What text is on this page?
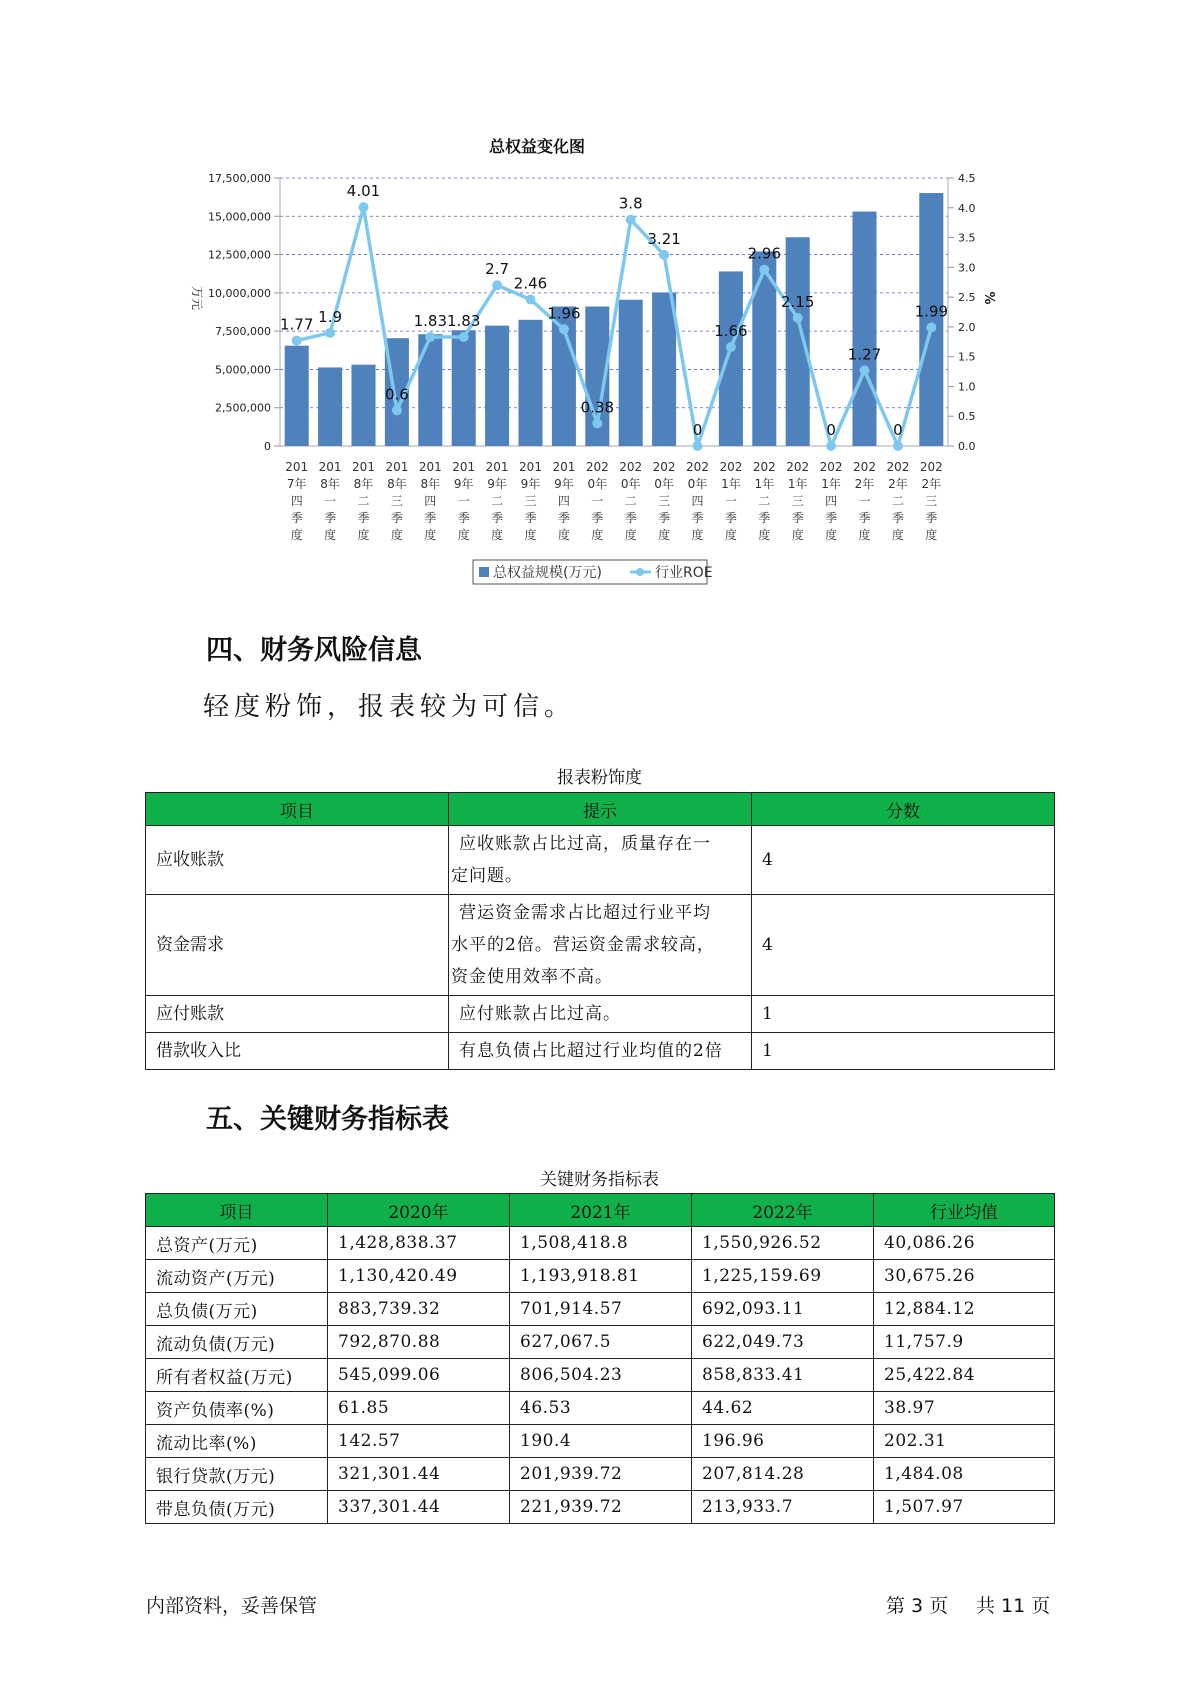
总权益变化图
0
2,500,000
5,000,000
7,500,000
10,000,000
12,500,000
15,000,000
17,500,000
0.0
0.5
1.0
1.5
2.0
2.5
3.0
3.5
4.0
4.5
万元	%
1.77 1.9
4.01
0.6
1.83 1.83
2.7
2.46
1.96
0.38
3.8
3.21
0
1.66
2.96
2.15
0
1.27
0
1.99
201 7年四季度
201 8年一季度
201 8年二季度
201 8年三季度
201 8年四季度
201 9年一季度
201 9年二季度
201 9年三季度
201 9年四季度
202 0年一季度
202 0年二季度
202 0年三季度
202 0年四季度
202 1年一季度
202 1年二季度
202 1年三季度
202 1年四季度
202 2年一季度
202 2年二季度
202 2年三季度
总权益规模(万元)	行业ROE
四、财务风险信息

轻度粉饰，报表较为可信。

报表粉饰度

项目	提示	分数
应收账款	应收账款占比过高，质量存在一
定问题。	4
资金需求	营运资金需求占比超过行业平均
水平的2倍。营运资金需求较高，
资金使用效率不高。	4
应付账款	应付账款占比过高。	1
借款收入比	有息负债占比超过行业均值的2倍	1
五、关键财务指标表

关键财务指标表

项目	2020年	2021年	2022年	行业均值
总资产(万元)	1,428,838.37	1,508,418.8	1,550,926.52	40,086.26
流动资产(万元)	1,130,420.49	1,193,918.81	1,225,159.69	30,675.26
总负债(万元)	883,739.32	701,914.57	692,093.11	12,884.12
流动负债(万元)	792,870.88	627,067.5	622,049.73	11,757.9
所有者权益(万元)	545,099.06	806,504.23	858,833.41	25,422.84
资产负债率(%)	61.85	46.53	44.62	38.97
流动比率(%)	142.57	190.4	196.96	202.31
银行贷款(万元)	321,301.44	201,939.72	207,814.28	1,484.08
带息负债(万元)	337,301.44	221,939.72	213,933.7	1,507.97

内部资料，妥善保管	第 3 页 共 11 页
